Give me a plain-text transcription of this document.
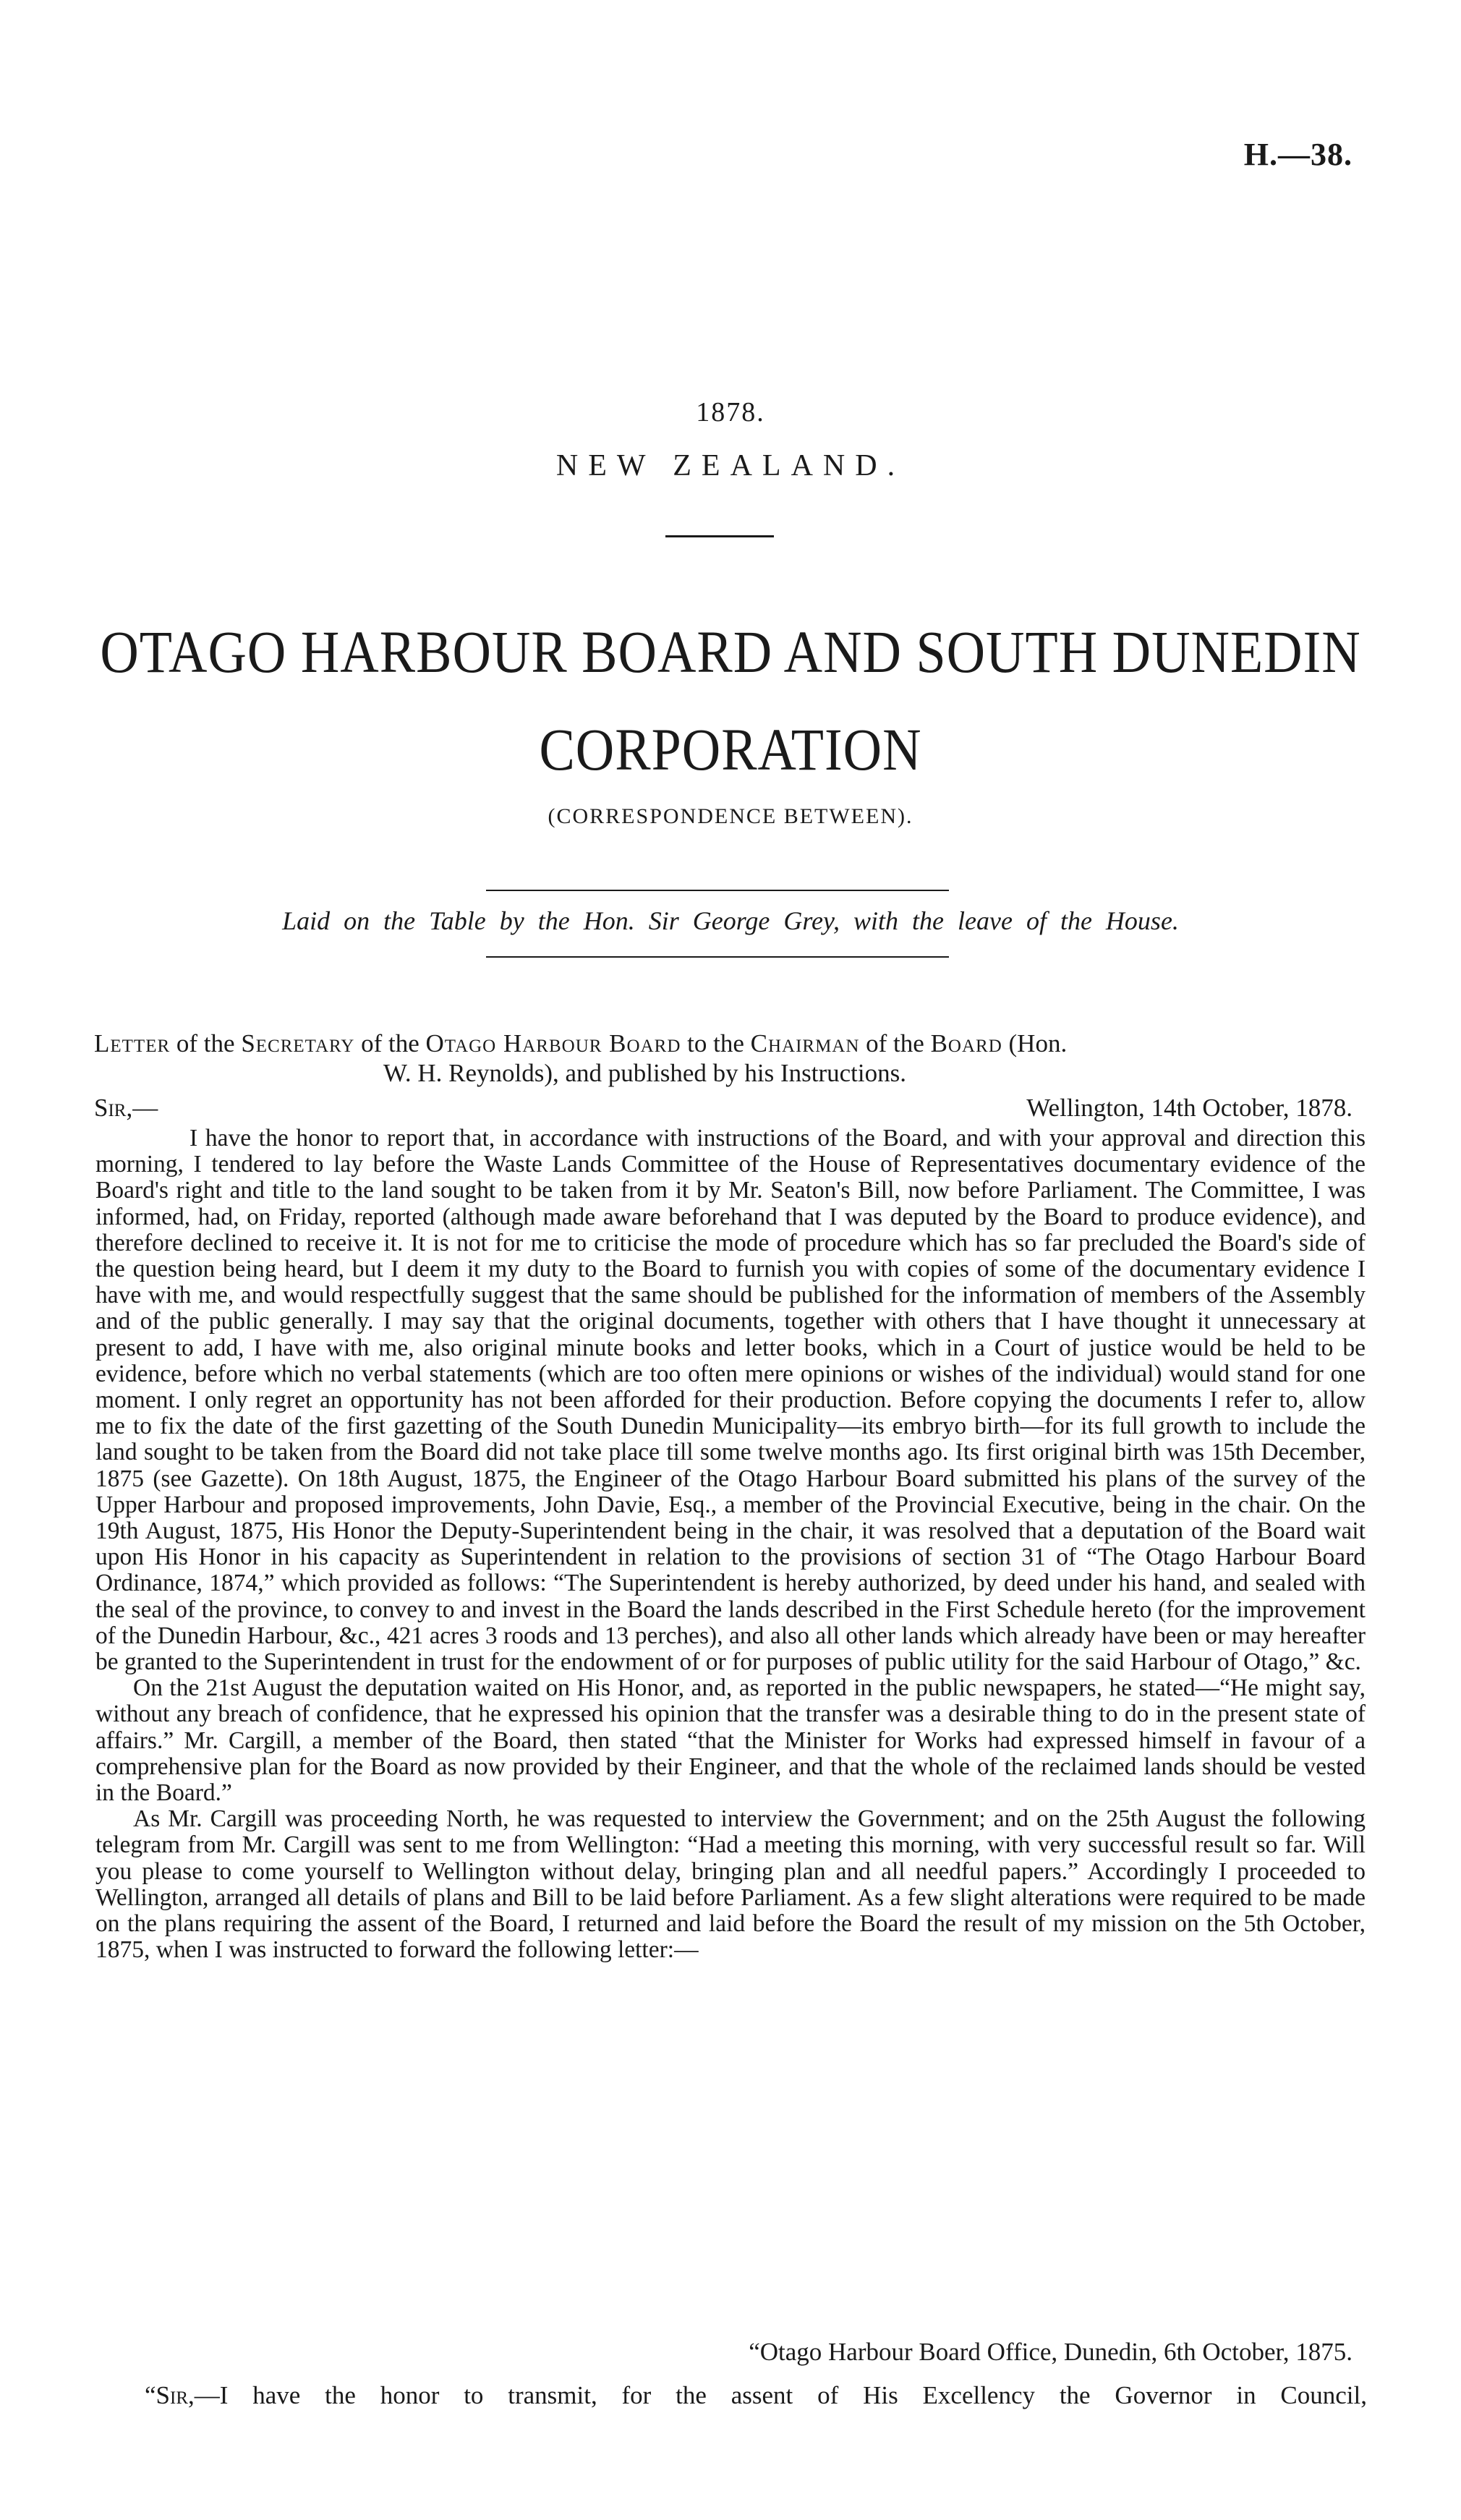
H.—38.
1878.
NEW ZEALAND.
OTAGO HARBOUR BOARD AND SOUTH DUNEDIN
CORPORATION
(CORRESPONDENCE BETWEEN).
Laid on the Table by the Hon. Sir George Grey, with the leave of the House.
Letter of the Secretary of the Otago Harbour Board to the Chairman of the Board (Hon.
W. H. Reynolds), and published by his Instructions.
Sir,—	Wellington, 14th October, 1878.

I have the honor to report that, in accordance with instructions of the Board, and with your approval and direction this morning, I tendered to lay before the Waste Lands Committee of the House of Representatives documentary evidence of the Board's right and title to the land sought to be taken from it by Mr. Seaton's Bill, now before Parliament. The Committee, I was informed, had, on Friday, reported (although made aware beforehand that I was deputed by the Board to produce evidence), and therefore declined to receive it. It is not for me to criticise the mode of procedure which has so far precluded the Board's side of the question being heard, but I deem it my duty to the Board to furnish you with copies of some of the documentary evidence I have with me, and would respectfully suggest that the same should be published for the information of members of the Assembly and of the public generally. I may say that the original documents, together with others that I have thought it unnecessary at present to add, I have with me, also original minute books and letter books, which in a Court of justice would be held to be evidence, before which no verbal statements (which are too often mere opinions or wishes of the individual) would stand for one moment. I only regret an opportunity has not been afforded for their production. Before copying the documents I refer to, allow me to fix the date of the first gazetting of the South Dunedin Municipality—its embryo birth—for its full growth to include the land sought to be taken from the Board did not take place till some twelve months ago. Its first original birth was 15th December, 1875 (see Gazette). On 18th August, 1875, the Engineer of the Otago Harbour Board submitted his plans of the survey of the Upper Harbour and proposed improvements, John Davie, Esq., a member of the Provincial Executive, being in the chair. On the 19th August, 1875, His Honor the Deputy-Superintendent being in the chair, it was resolved that a deputation of the Board wait upon His Honor in his capacity as Superintendent in relation to the provisions of section 31 of “The Otago Harbour Board Ordinance, 1874,” which provided as follows: “The Superintendent is hereby authorized, by deed under his hand, and sealed with the seal of the province, to convey to and invest in the Board the lands described in the First Schedule hereto (for the improvement of the Dunedin Harbour, &c., 421 acres 3 roods and 13 perches), and also all other lands which already have been or may hereafter be granted to the Superintendent in trust for the endowment of or for purposes of public utility for the said Harbour of Otago,” &c.

On the 21st August the deputation waited on His Honor, and, as reported in the public newspapers, he stated—“He might say, without any breach of confidence, that he expressed his opinion that the transfer was a desirable thing to do in the present state of affairs.” Mr. Cargill, a member of the Board, then stated “that the Minister for Works had expressed himself in favour of a comprehensive plan for the Board as now provided by their Engineer, and that the whole of the reclaimed lands should be vested in the Board.”

As Mr. Cargill was proceeding North, he was requested to interview the Government; and on the 25th August the following telegram from Mr. Cargill was sent to me from Wellington: “Had a meeting this morning, with very successful result so far. Will you please to come yourself to Wellington without delay, bringing plan and all needful papers.” Accordingly I proceeded to Wellington, arranged all details of plans and Bill to be laid before Parliament. As a few slight alterations were required to be made on the plans requiring the assent of the Board, I returned and laid before the Board the result of my mission on the 5th October, 1875, when I was instructed to forward the following letter:—

“Otago Harbour Board Office, Dunedin, 6th October, 1875.
“Sir,—I have the honor to transmit, for the assent of His Excellency the Governor in Council,
